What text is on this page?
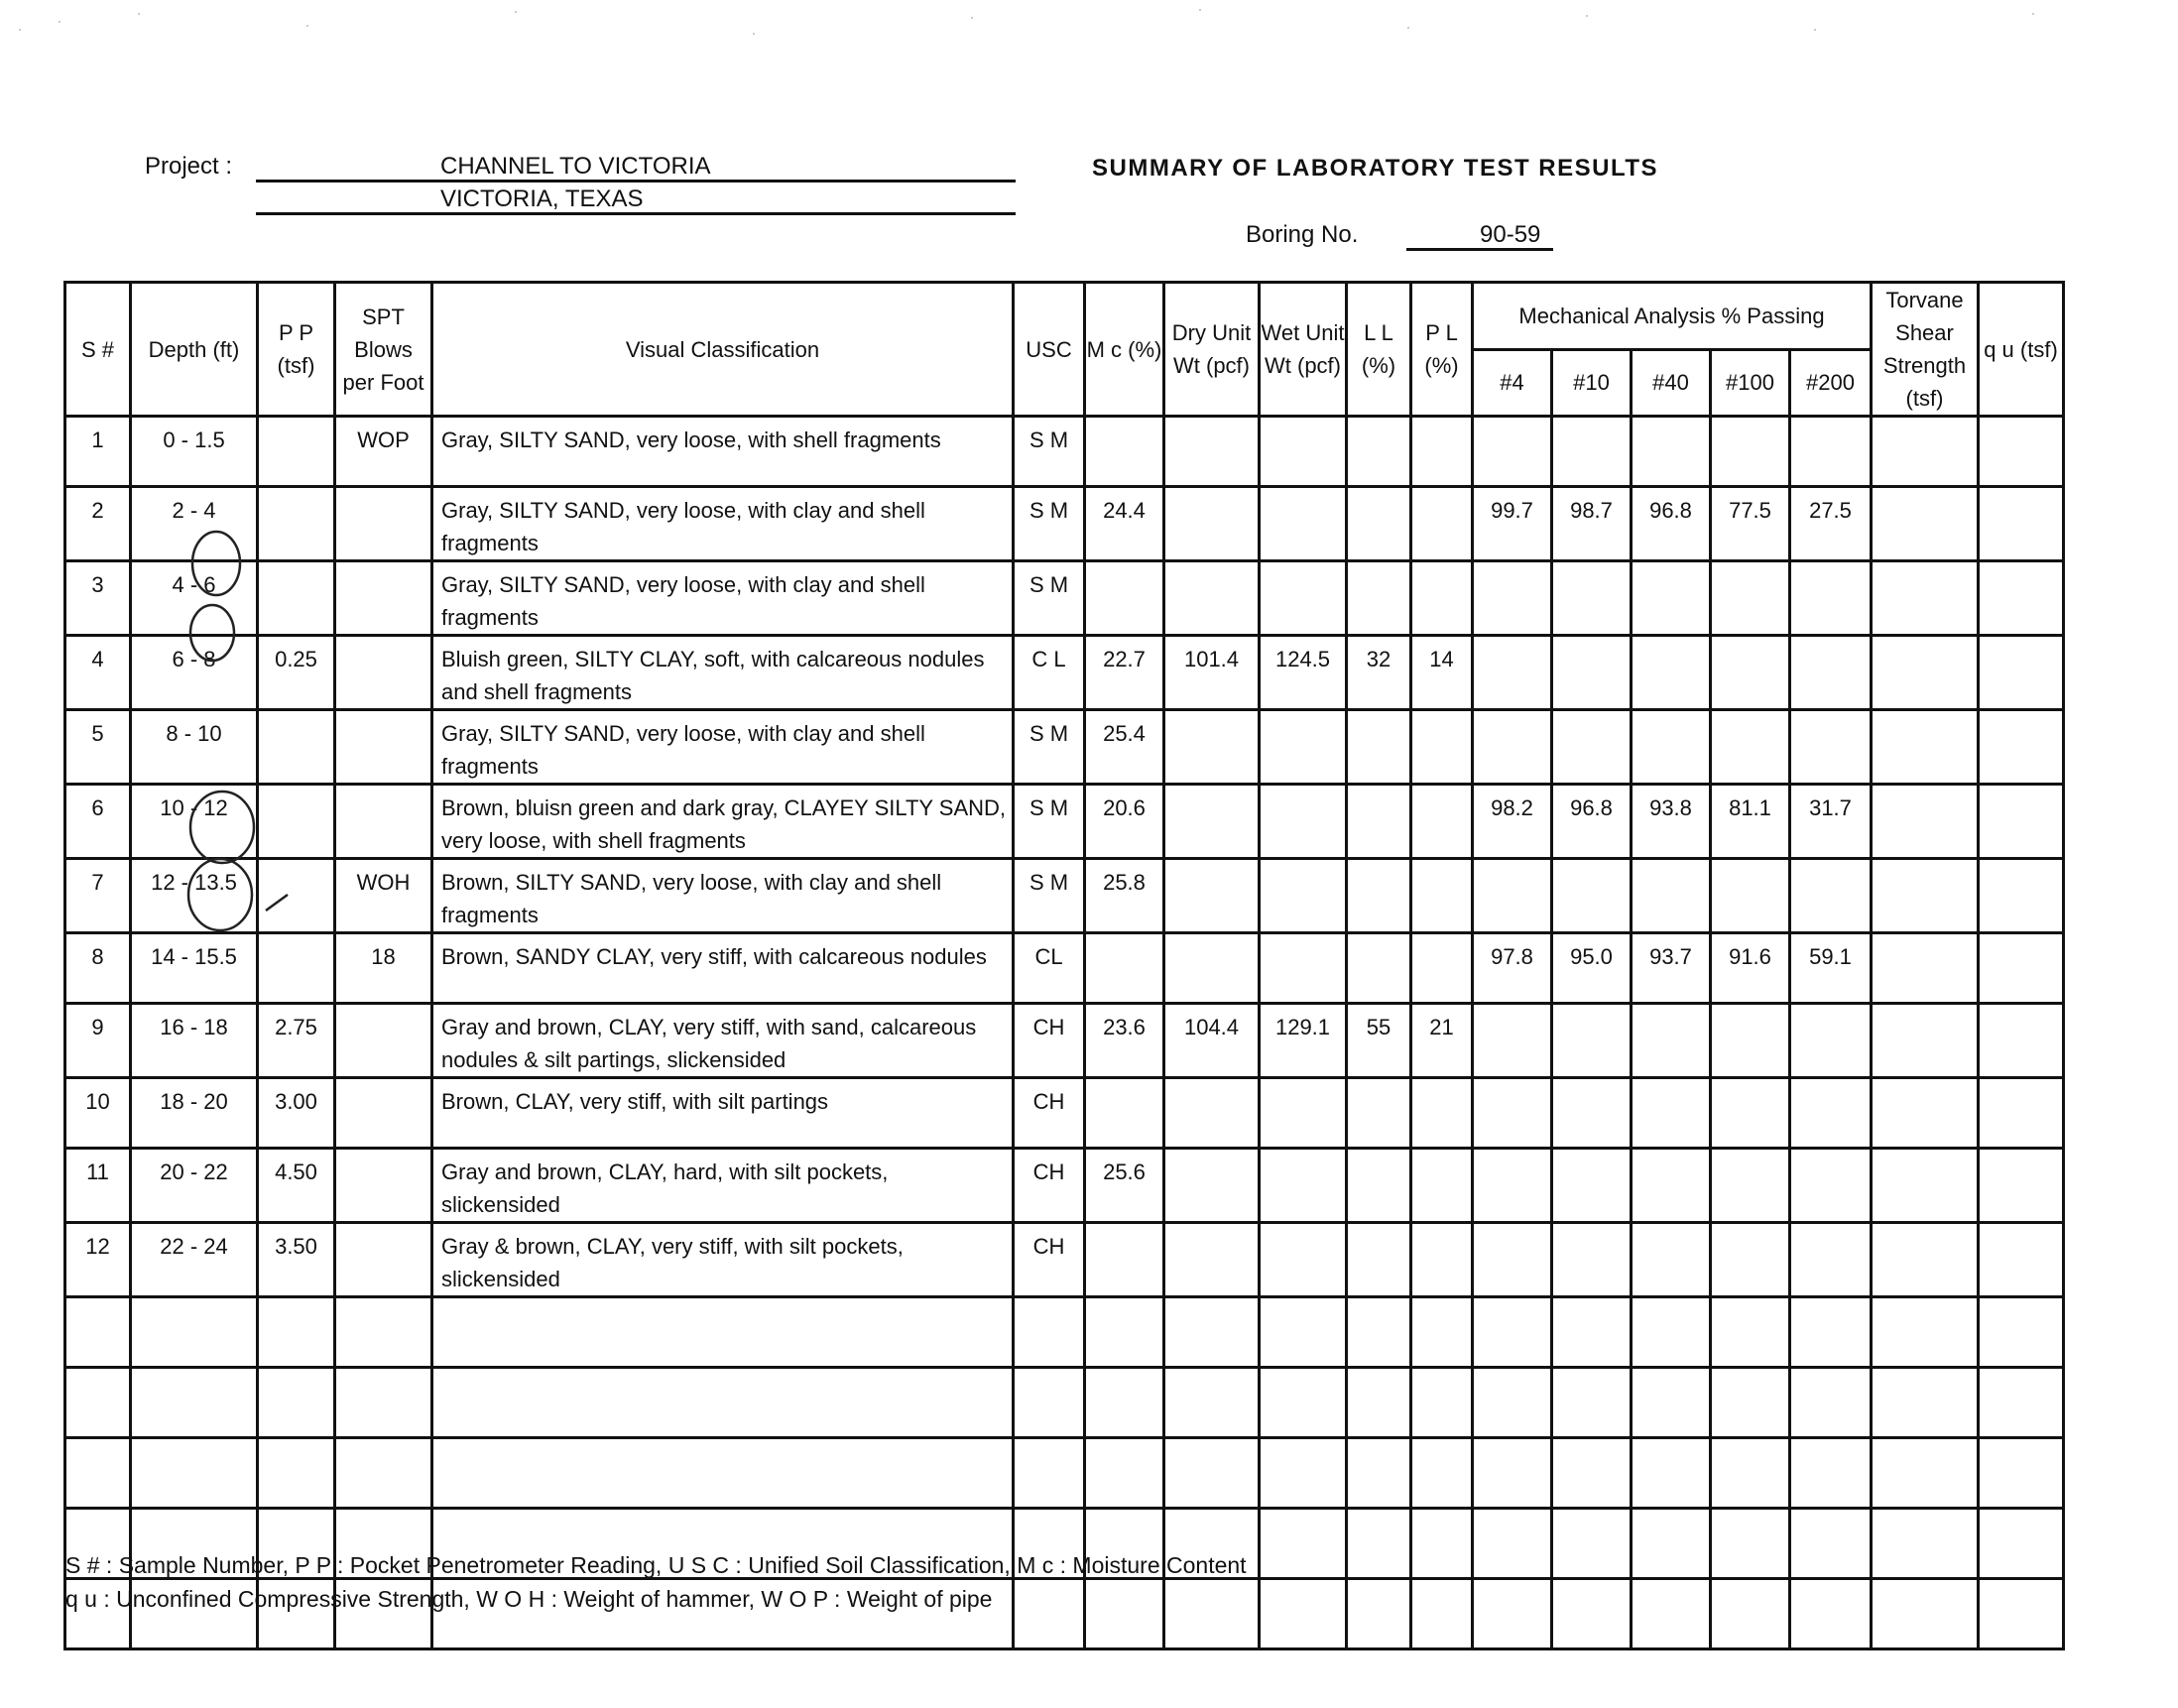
Project :	CHANNEL TO VICTORIA
VICTORIA, TEXAS
SUMMARY OF LABORATORY TEST RESULTS
Boring No.	90-59
S #	Depth (ft)	P P (tsf)	SPT Blows per Foot	Visual Classification	USC	M c (%)	Dry Unit Wt (pcf)	Wet Unit Wt (pcf)	L L (%)	P L (%)	Mechanical Analysis % Passing					Torvane Shear Strength (tsf)	q u (tsf)
											#4	#10	#40	#100	#200		
1	0 - 1.5		WOP	Gray, SILTY SAND, very loose, with shell fragments	S M												
2	2 - 4			Gray, SILTY SAND, very loose, with clay and shell fragments	S M	24.4					99.7	98.7	96.8	77.5	27.5		
3	4 - 6			Gray, SILTY SAND, very loose, with clay and shell fragments	S M												
4	6 - 8	0.25		Bluish green, SILTY CLAY, soft, with calcareous nodules and shell fragments	C L	22.7	101.4	124.5	32	14							
5	8 - 10			Gray, SILTY SAND, very loose, with clay and shell fragments	S M	25.4											
6	10 - 12			Brown, bluisn green and dark gray, CLAYEY SILTY SAND, very loose, with shell fragments	S M	20.6					98.2	96.8	93.8	81.1	31.7		
7	12 - 13.5		WOH	Brown, SILTY SAND, very loose, with clay and shell fragments	S M	25.8											
8	14 - 15.5		18	Brown, SANDY CLAY, very stiff, with calcareous nodules	CL						97.8	95.0	93.7	91.6	59.1		
9	16 - 18	2.75		Gray and brown, CLAY, very stiff, with sand, calcareous nodules & silt partings, slickensided	CH	23.6	104.4	129.1	55	21							
10	18 - 20	3.00		Brown, CLAY, very stiff, with silt partings	CH												
11	20 - 22	4.50		Gray and brown, CLAY, hard, with silt pockets, slickensided	CH	25.6											
12	22 - 24	3.50		Gray & brown, CLAY, very stiff, with silt pockets, slickensided	CH												

S # : Sample Number, P P : Pocket Penetrometer Reading, U S C : Unified Soil Classification, M c : Moisture Content
q u : Unconfined Compressive Strength, W O H : Weight of hammer, W O P : Weight of pipe
